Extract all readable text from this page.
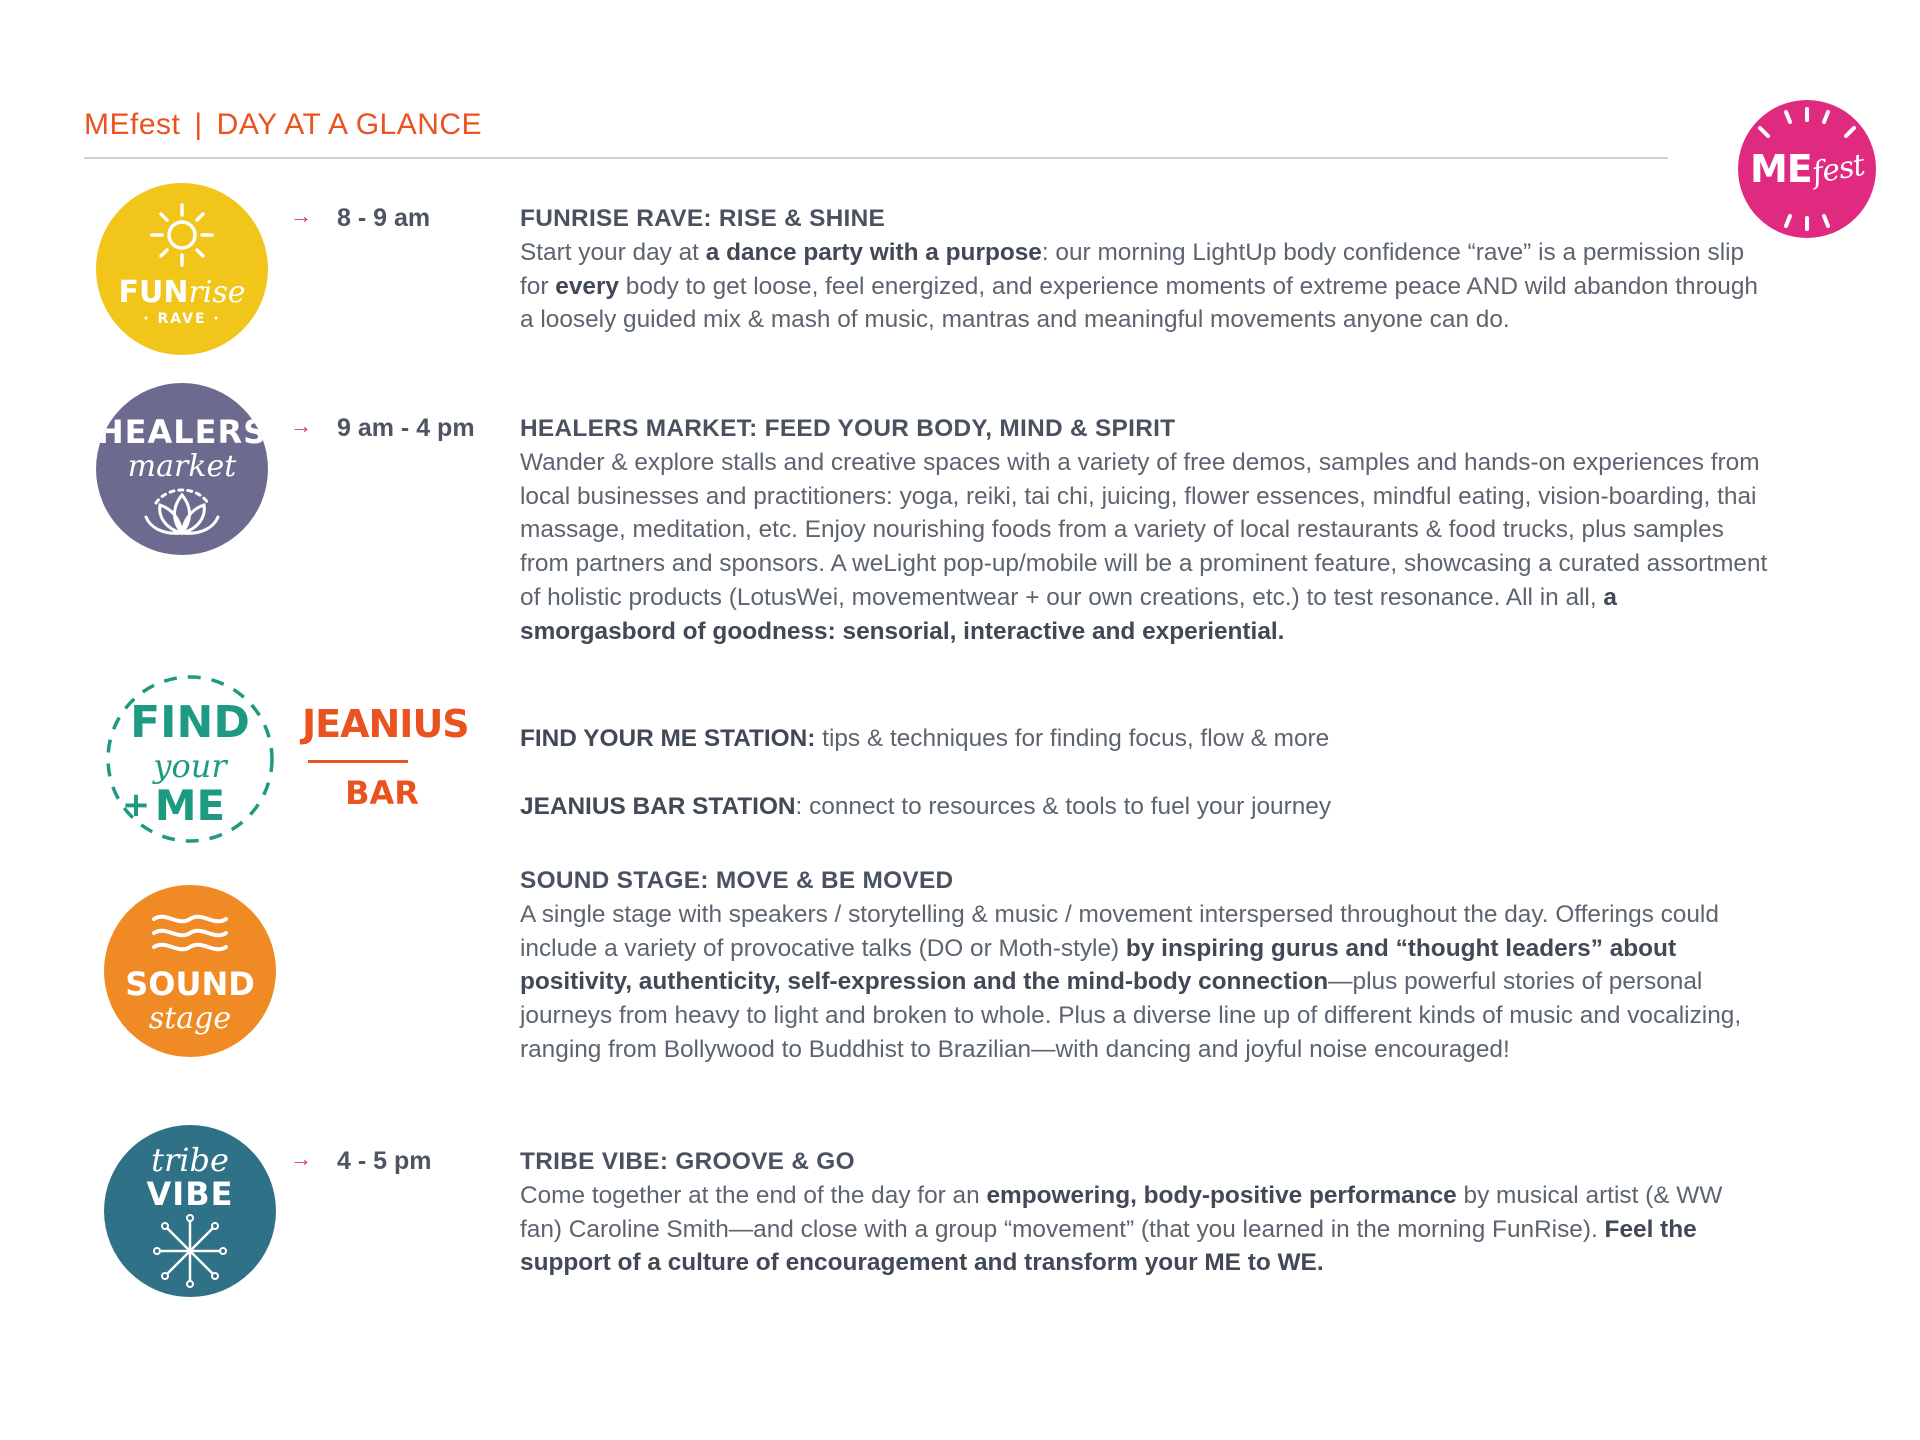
MEfest | DAY AT A GLANCE
ME
fest
FUNrise
· RAVE ·
HEALERS
market
FIND
your
ME
+
JEANIUS
BAR
SOUND
stage
tribe
VIBE
→ 8 - 9 am
→ 9 am - 4 pm
→ 4 - 5 pm
FUNRISE RAVE: RISE & SHINE
Start your day at a dance party with a purpose: our morning LightUp body confidence “rave” is a permission slip for every body to get loose, feel energized, and experience moments of extreme peace AND wild abandon through a loosely guided mix & mash of music, mantras and meaningful movements anyone can do.
HEALERS MARKET: FEED YOUR BODY, MIND & SPIRIT
Wander & explore stalls and creative spaces with a variety of free demos, samples and hands-on experiences from local businesses and practitioners: yoga, reiki, tai chi, juicing, flower essences, mindful eating, vision-boarding, thai massage, meditation, etc. Enjoy nourishing foods from a variety of local restaurants & food trucks, plus samples from partners and sponsors. A weLight pop-up/mobile will be a prominent feature, showcasing a curated assortment of holistic products (LotusWei, movementwear + our own creations, etc.) to test resonance. All in all, a smorgasbord of goodness: sensorial, interactive and experiential.
FIND YOUR ME STATION: tips & techniques for finding focus, flow & more
JEANIUS BAR STATION: connect to resources & tools to fuel your journey
SOUND STAGE: MOVE & BE MOVED
A single stage with speakers / storytelling & music / movement interspersed throughout the day. Offerings could include a variety of provocative talks (DO or Moth-style) by inspiring gurus and “thought leaders” about positivity, authenticity, self-expression and the mind-body connection—plus powerful stories of personal journeys from heavy to light and broken to whole. Plus a diverse line up of different kinds of music and vocalizing, ranging from Bollywood to Buddhist to Brazilian—with dancing and joyful noise encouraged!
TRIBE VIBE: GROOVE & GO
Come together at the end of the day for an empowering, body-positive performance by musical artist (& WW fan) Caroline Smith—and close with a group “movement” (that you learned in the morning FunRise). Feel the support of a culture of encouragement and transform your ME to WE.
